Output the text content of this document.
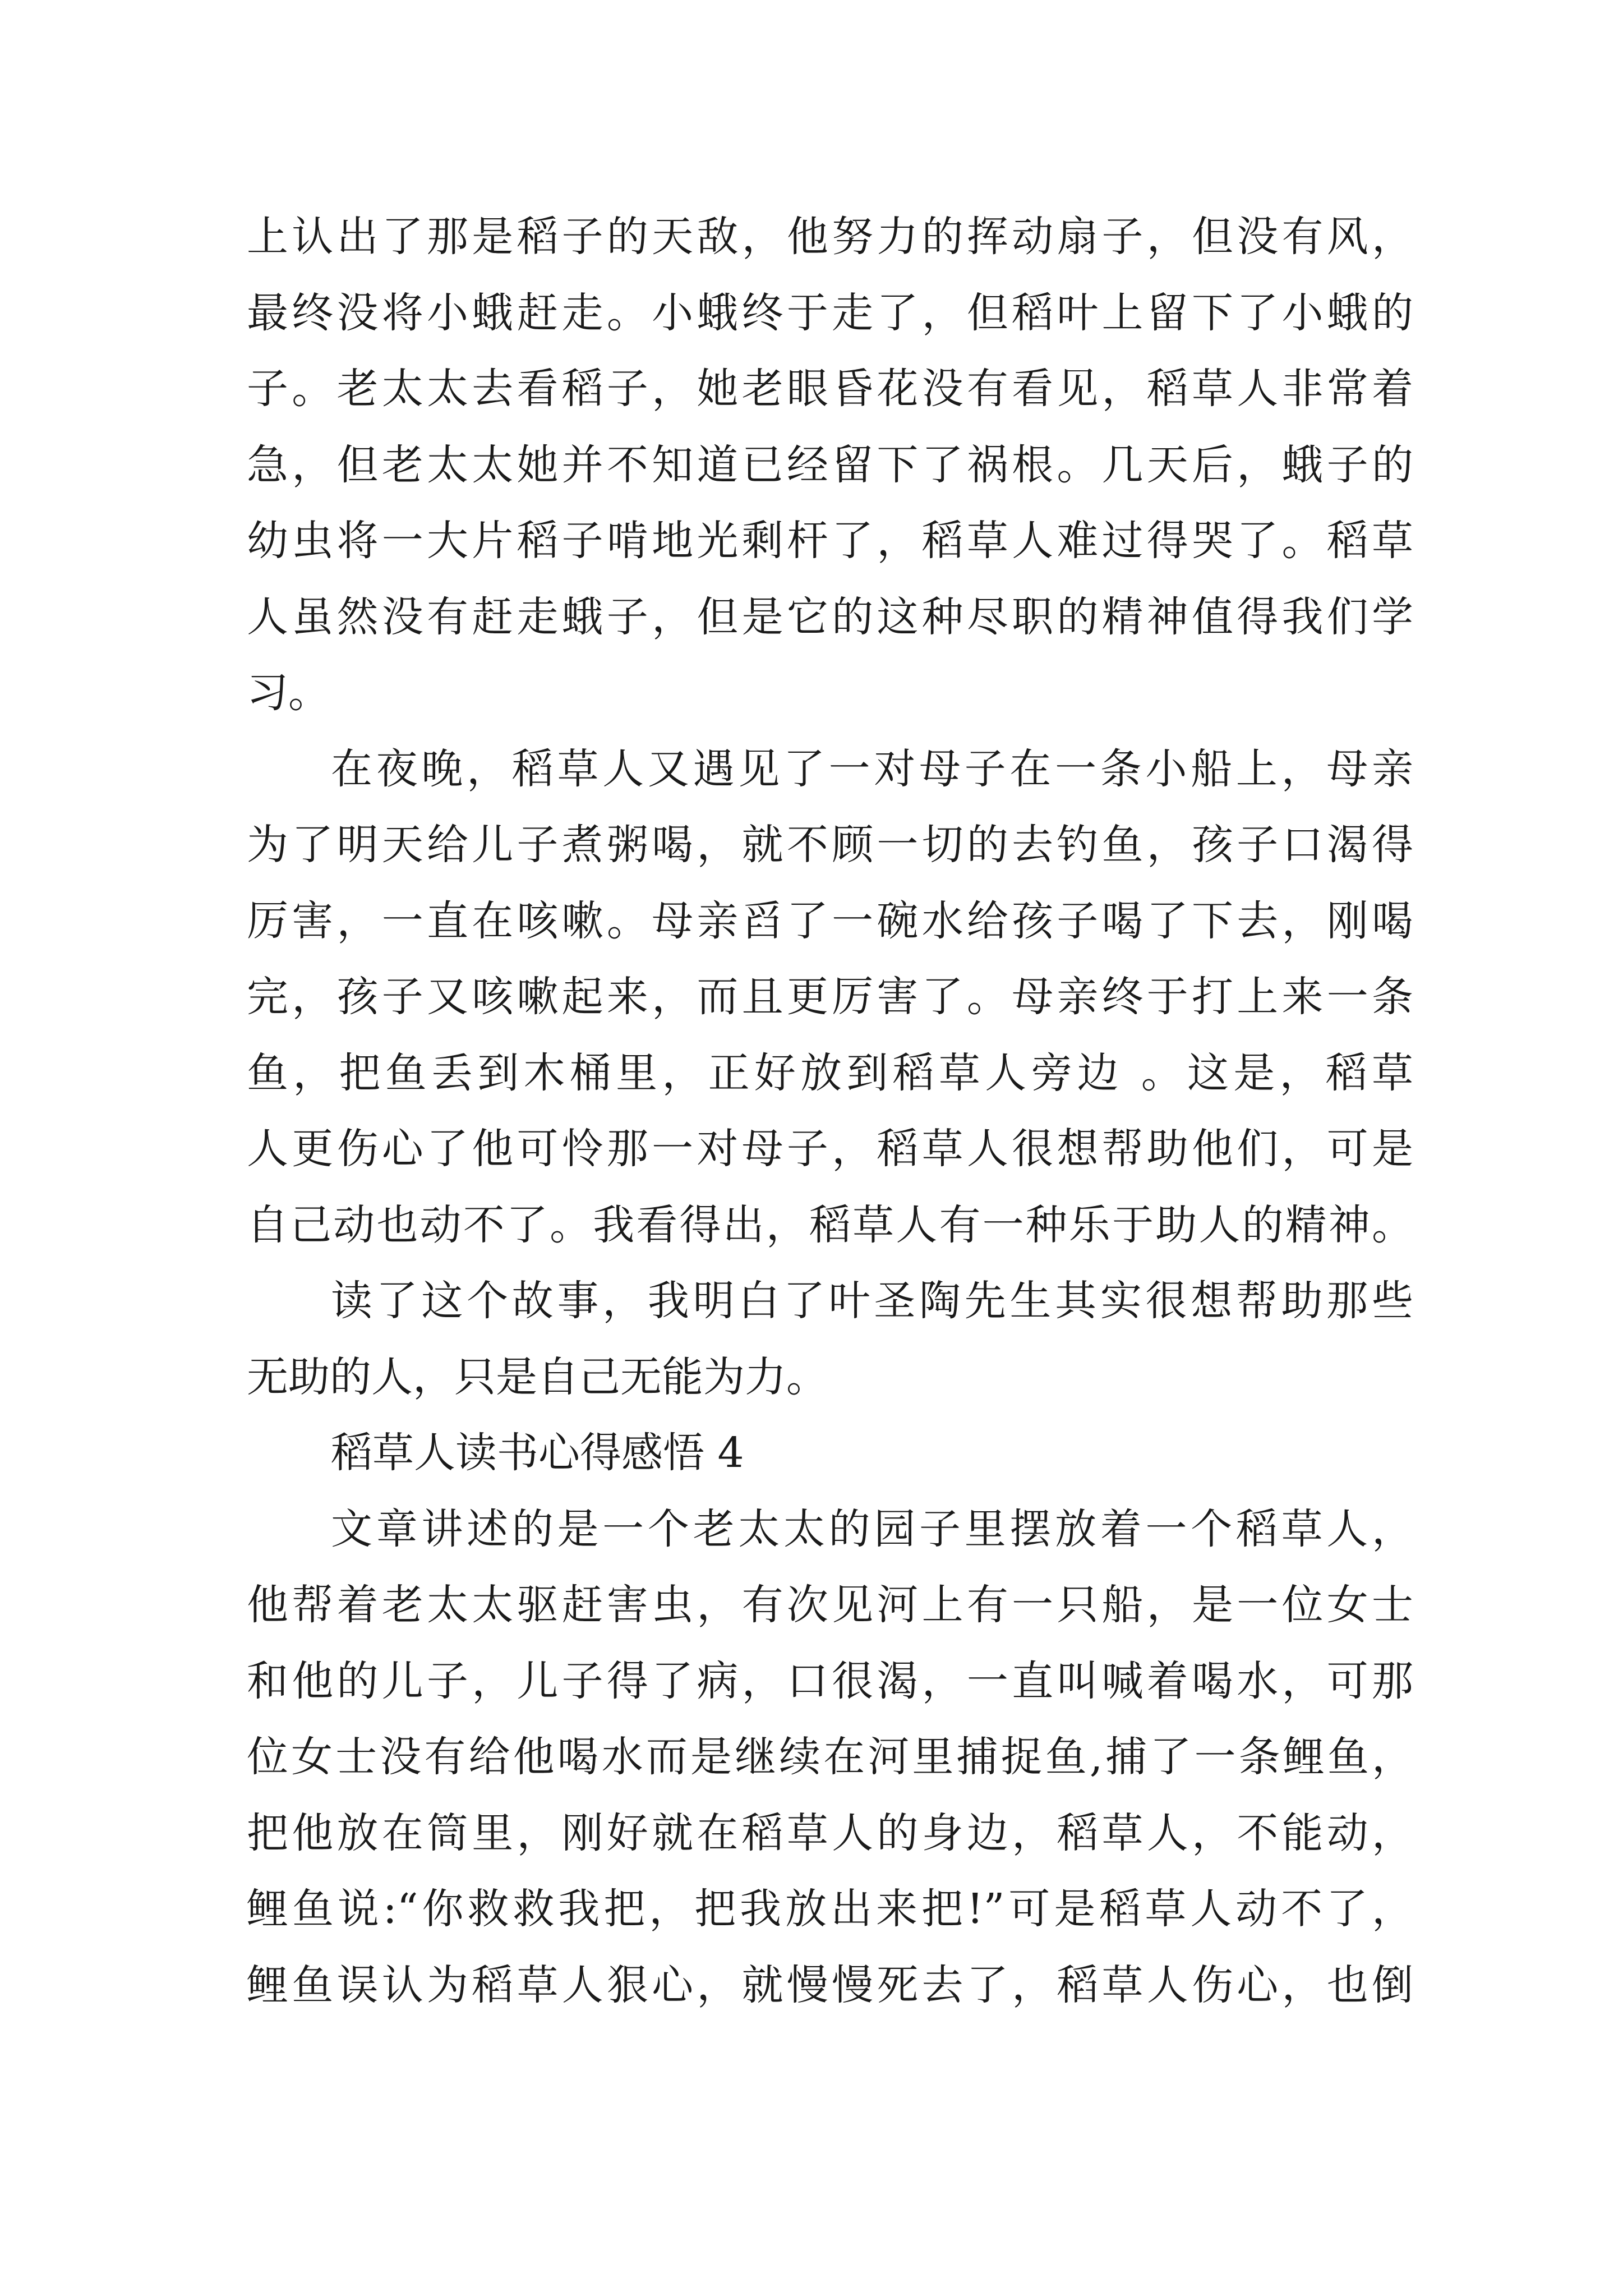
上认出了那是稻子的天敌，他努力的挥动扇子，但没有风，
最终没将小蛾赶走。小蛾终于走了，但稻叶上留下了小蛾的
子。老太太去看稻子，她老眼昏花没有看见，稻草人非常着
急，但老太太她并不知道已经留下了祸根。几天后，蛾子的
幼虫将一大片稻子啃地光剩杆了，稻草人难过得哭了。稻草
人虽然没有赶走蛾子，但是它的这种尽职的精神值得我们学
习。
在夜晚，稻草人又遇见了一对母子在一条小船上，母亲
为了明天给儿子煮粥喝，就不顾一切的去钓鱼，孩子口渴得
厉害，一直在咳嗽。母亲舀了一碗水给孩子喝了下去，刚喝
完，孩子又咳嗽起来，而且更厉害了。母亲终于打上来一条
鱼，把鱼丢到木桶里，正好放到稻草人旁边 。这是，稻草
人更伤心了他可怜那一对母子，稻草人很想帮助他们，可是
自己动也动不了。我看得出，稻草人有一种乐于助人的精神。
读了这个故事，我明白了叶圣陶先生其实很想帮助那些
无助的人，只是自己无能为力。
稻草人读书心得感悟 4
文章讲述的是一个老太太的园子里摆放着一个稻草人，
他帮着老太太驱赶害虫，有次见河上有一只船，是一位女士
和他的儿子，儿子得了病，口很渴，一直叫喊着喝水，可那
位女士没有给他喝水而是继续在河里捕捉鱼,捕了一条鲤鱼，
把他放在筒里，刚好就在稻草人的身边，稻草人，不能动，
鲤鱼说:“你救救我把，把我放出来把!”可是稻草人动不了，
鲤鱼误认为稻草人狠心，就慢慢死去了，稻草人伤心，也倒
